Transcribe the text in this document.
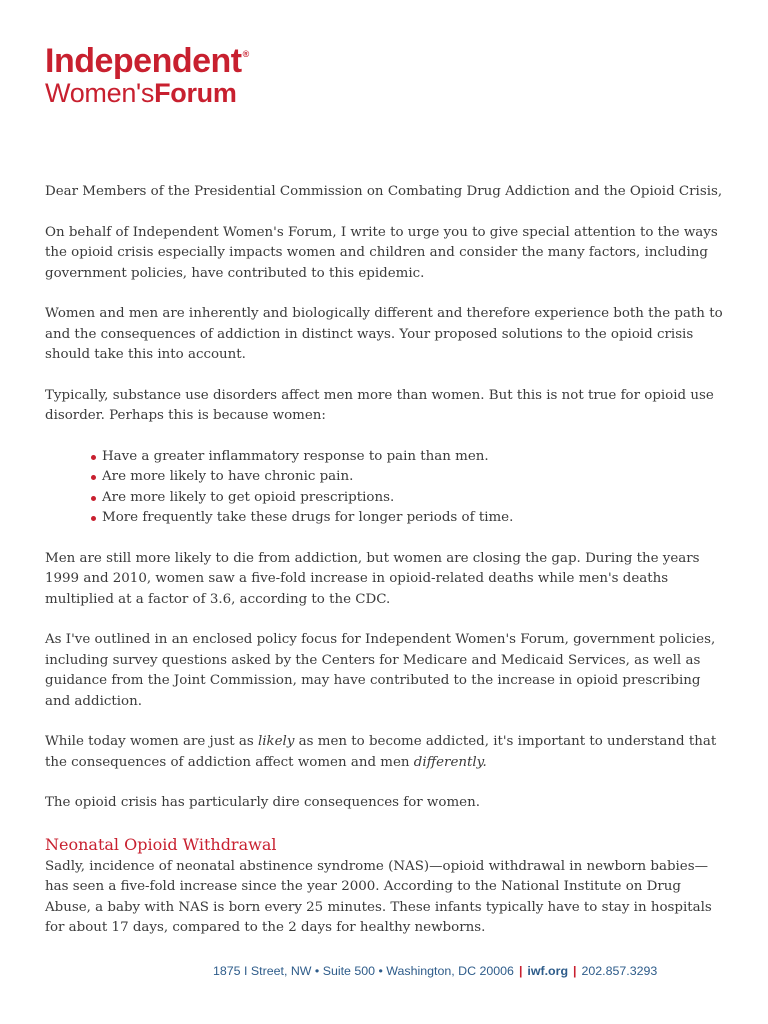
Independent®
Women'sForum

Dear Members of the Presidential Commission on Combating Drug Addiction and the Opioid Crisis,

On behalf of Independent Women's Forum, I write to urge you to give special attention to the ways the opioid crisis especially impacts women and children and consider the many factors, including government policies, have contributed to this epidemic.

Women and men are inherently and biologically different and therefore experience both the path to and the consequences of addiction in distinct ways. Your proposed solutions to the opioid crisis should take this into account.

Typically, substance use disorders affect men more than women. But this is not true for opioid use disorder. Perhaps this is because women:

Have a greater inflammatory response to pain than men.
Are more likely to have chronic pain.
Are more likely to get opioid prescriptions.
More frequently take these drugs for longer periods of time.

Men are still more likely to die from addiction, but women are closing the gap. During the years 1999 and 2010, women saw a five-fold increase in opioid-related deaths while men's deaths multiplied at a factor of 3.6, according to the CDC.

As I've outlined in an enclosed policy focus for Independent Women's Forum, government policies, including survey questions asked by the Centers for Medicare and Medicaid Services, as well as guidance from the Joint Commission, may have contributed to the increase in opioid prescribing and addiction.

While today women are just as likely as men to become addicted, it's important to understand that the consequences of addiction affect women and men differently.

The opioid crisis has particularly dire consequences for women.

Neonatal Opioid Withdrawal

Sadly, incidence of neonatal abstinence syndrome (NAS)—opioid withdrawal in newborn babies—has seen a five-fold increase since the year 2000. According to the National Institute on Drug Abuse, a baby with NAS is born every 25 minutes. These infants typically have to stay in hospitals for about 17 days, compared to the 2 days for healthy newborns.

1875 I Street, NW • Suite 500 • Washington, DC 20006 | iwf.org | 202.857.3293
